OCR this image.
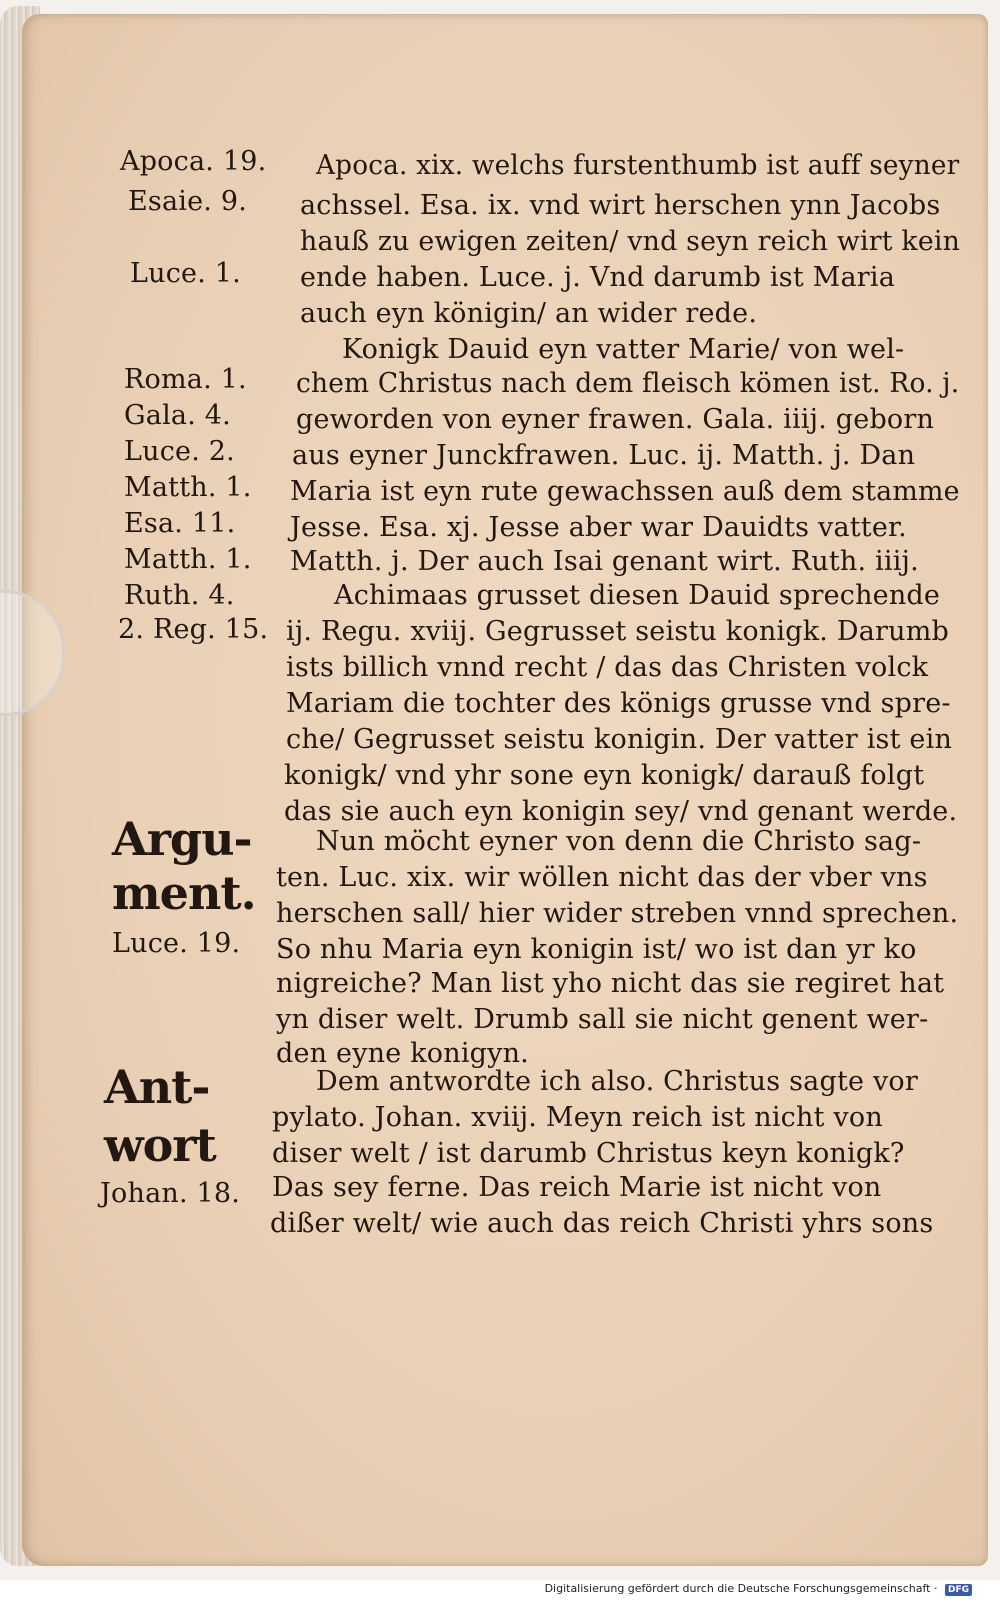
Apoca. 19.
Esaie. 9.
Luce. 1.
Roma. 1.
Gala. 4.
Luce. 2.
Matth. 1.
Esa. 11.
Matth. 1.
Ruth. 4.
2. Reg. 15.
Argu-
ment.
Luce. 19.
Ant-
wort
Johan. 18.
Apoca. xix. welchs furstenthumb ist auff seyner
achssel. Esa. ix. vnd wirt herschen ynn Jacobs
hauß zu ewigen zeiten/ vnd seyn reich wirt kein
ende haben. Luce. j. Vnd darumb ist Maria
auch eyn königin/ an wider rede.
Konigk Dauid eyn vatter Marie/ von wel-
chem Christus nach dem fleisch kömen ist. Ro. j.
geworden von eyner frawen. Gala. iiij. geborn
aus eyner Junckfrawen. Luc. ij. Matth. j. Dan
Maria ist eyn rute gewachssen auß dem stamme
Jesse. Esa. xj. Jesse aber war Dauidts vatter.
Matth. j. Der auch Isai genant wirt. Ruth. iiij.
Achimaas grusset diesen Dauid sprechende
ij. Regu. xviij. Gegrusset seistu konigk. Darumb
ists billich vnnd recht / das das Christen volck
Mariam die tochter des königs grusse vnd spre-
che/ Gegrusset seistu konigin. Der vatter ist ein
konigk/ vnd yhr sone eyn konigk/ darauß folgt
das sie auch eyn konigin sey/ vnd genant werde.
Nun möcht eyner von denn die Christo sag-
ten. Luc. xix. wir wöllen nicht das der vber vns
herschen sall/ hier wider streben vnnd sprechen.
So nhu Maria eyn konigin ist/ wo ist dan yr ko
nigreiche? Man list yho nicht das sie regiret hat
yn diser welt. Drumb sall sie nicht genent wer-
den eyne konigyn.
Dem antwordte ich also. Christus sagte vor
pylato. Johan. xviij. Meyn reich ist nicht von
diser welt / ist darumb Christus keyn konigk?
Das sey ferne. Das reich Marie ist nicht von
dißer welt/ wie auch das reich Christi yhrs sons
Digitalisierung gefördert durch die Deutsche Forschungsgemeinschaft · DFG
